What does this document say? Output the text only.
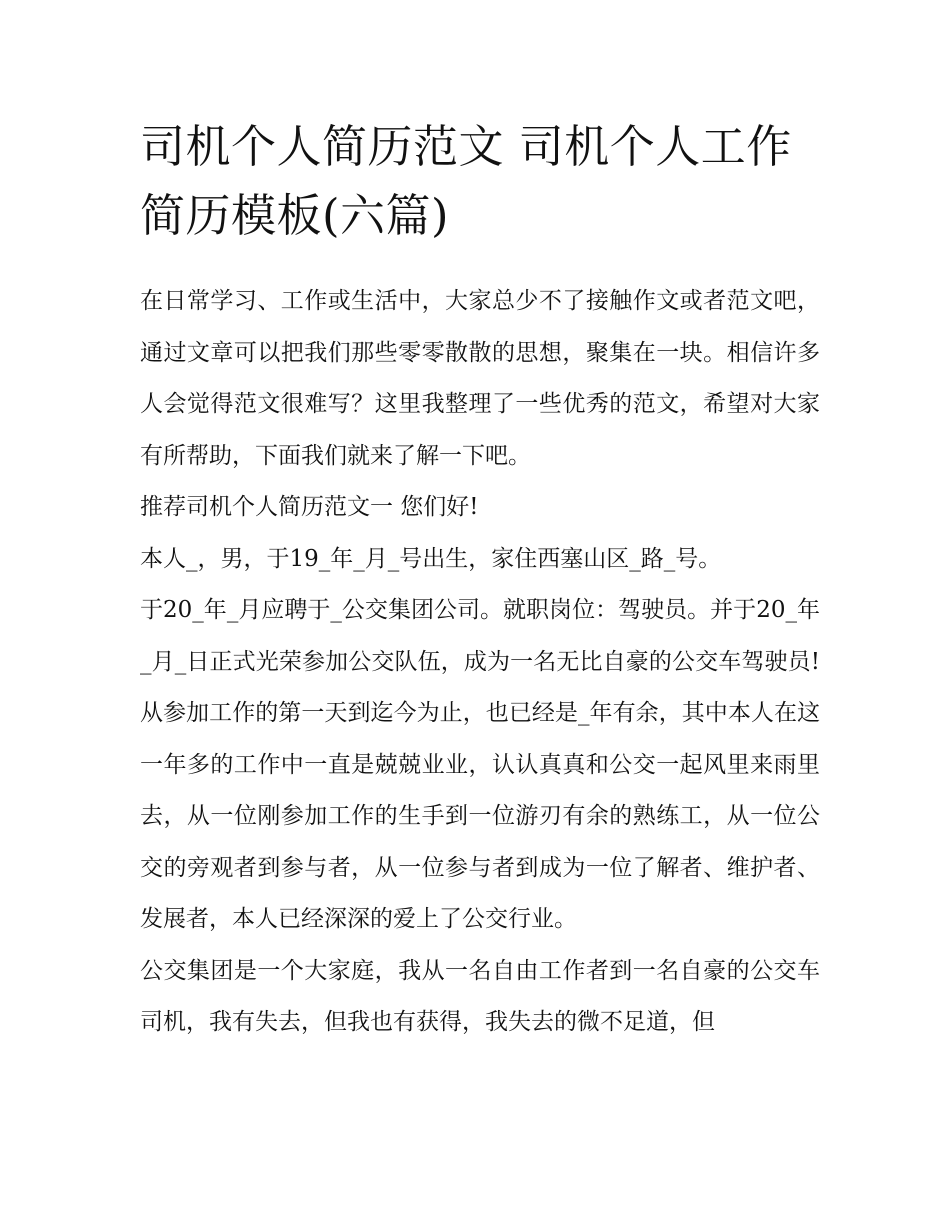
司机个人简历范文 司机个人工作简历模板(六篇)

在日常学习、工作或生活中，大家总少不了接触作文或者范文吧，通过文章可以把我们那些零零散散的思想，聚集在一块。相信许多人会觉得范文很难写？这里我整理了一些优秀的范文，希望对大家有所帮助，下面我们就来了解一下吧。

推荐司机个人简历范文一 您们好!

本人_，男，于19_年_月_号出生，家住西塞山区_路_号。

于20_年_月应聘于_公交集团公司。就职岗位：驾驶员。并于20_年_月_日正式光荣参加公交队伍，成为一名无比自豪的公交车驾驶员!从参加工作的第一天到迄今为止，也已经是_年有余，其中本人在这一年多的工作中一直是兢兢业业，认认真真和公交一起风里来雨里去，从一位刚参加工作的生手到一位游刃有余的熟练工，从一位公交的旁观者到参与者，从一位参与者到成为一位了解者、维护者、发展者，本人已经深深的爱上了公交行业。

公交集团是一个大家庭，我从一名自由工作者到一名自豪的公交车司机，我有失去，但我也有获得，我失去的微不足道，但
